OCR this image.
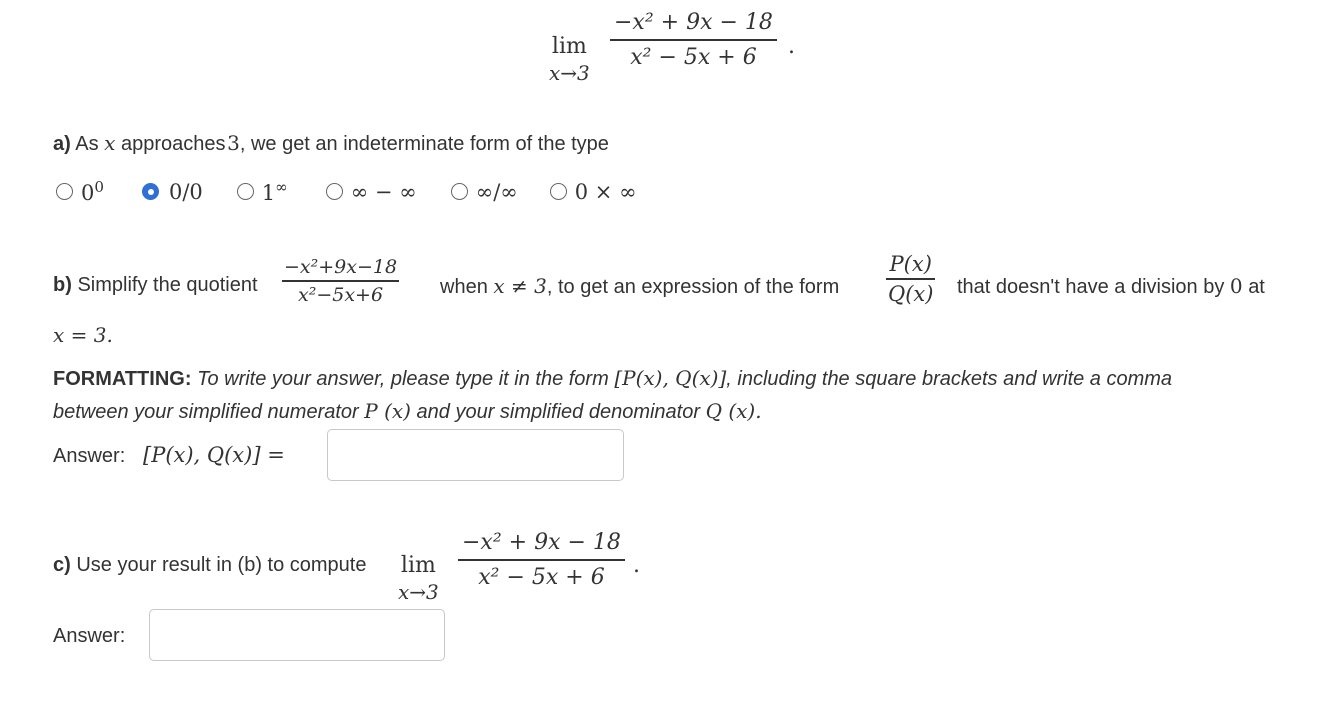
lim
x→3
−x² + 9x − 18
x² − 5x + 6 .
a) As x approaches 3, we get an indeterminate form of the type
$0^0$	0/0	1∞	∞ − ∞	∞/∞	0 × ∞
b) Simplify the quotient
−x²+9x−18
x²−5x+6	when x ≠ 3, to get an expression of the form
P(x)
Q(x) that doesn't have a division by 0 at
x = 3.
FORMATTING: To write your answer, please type it in the form [P(x), Q(x)], including the square brackets and write a comma
between your simplified numerator P (x) and your simplified denominator Q (x).
Answer: [P(x), Q(x)] =
c) Use your result in (b) to compute lim
x→3
−x² + 9x − 18
x² − 5x + 6 .
Answer:
